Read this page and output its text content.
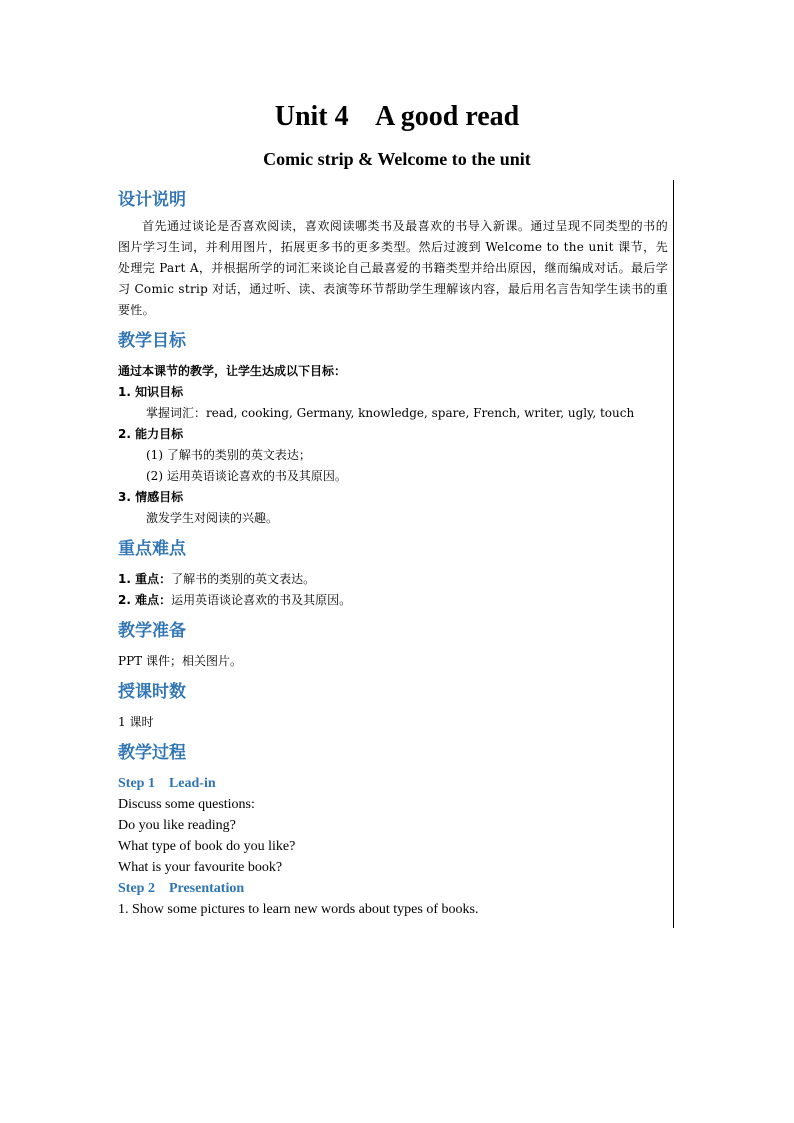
Unit 4    A good read
Comic strip & Welcome to the unit
设计说明

首先通过谈论是否喜欢阅读，喜欢阅读哪类书及最喜欢的书导入新课。通过呈现不同类型的书的图片学习生词，并利用图片，拓展更多书的更多类型。然后过渡到 Welcome to the unit 课节，先处理完 Part A，并根据所学的词汇来谈论自己最喜爱的书籍类型并给出原因，继而编成对话。最后学习 Comic strip 对话，通过听、读、表演等环节帮助学生理解该内容，最后用名言告知学生读书的重要性。

教学目标

通过本课节的教学，让学生达成以下目标：

1. 知识目标

掌握词汇：read, cooking, Germany, knowledge, spare, French, writer, ugly, touch

2. 能力目标

(1) 了解书的类别的英文表达；

(2) 运用英语谈论喜欢的书及其原因。

3. 情感目标

激发学生对阅读的兴趣。

重点难点

1. 重点：了解书的类别的英文表达。

2. 难点：运用英语谈论喜欢的书及其原因。

教学准备

PPT 课件；相关图片。

授课时数

1 课时

教学过程
Step 1    Lead-in

Discuss some questions:

Do you like reading?

What type of book do you like?

What is your favourite book?

Step 2    Presentation

1. Show some pictures to learn new words about types of books.
